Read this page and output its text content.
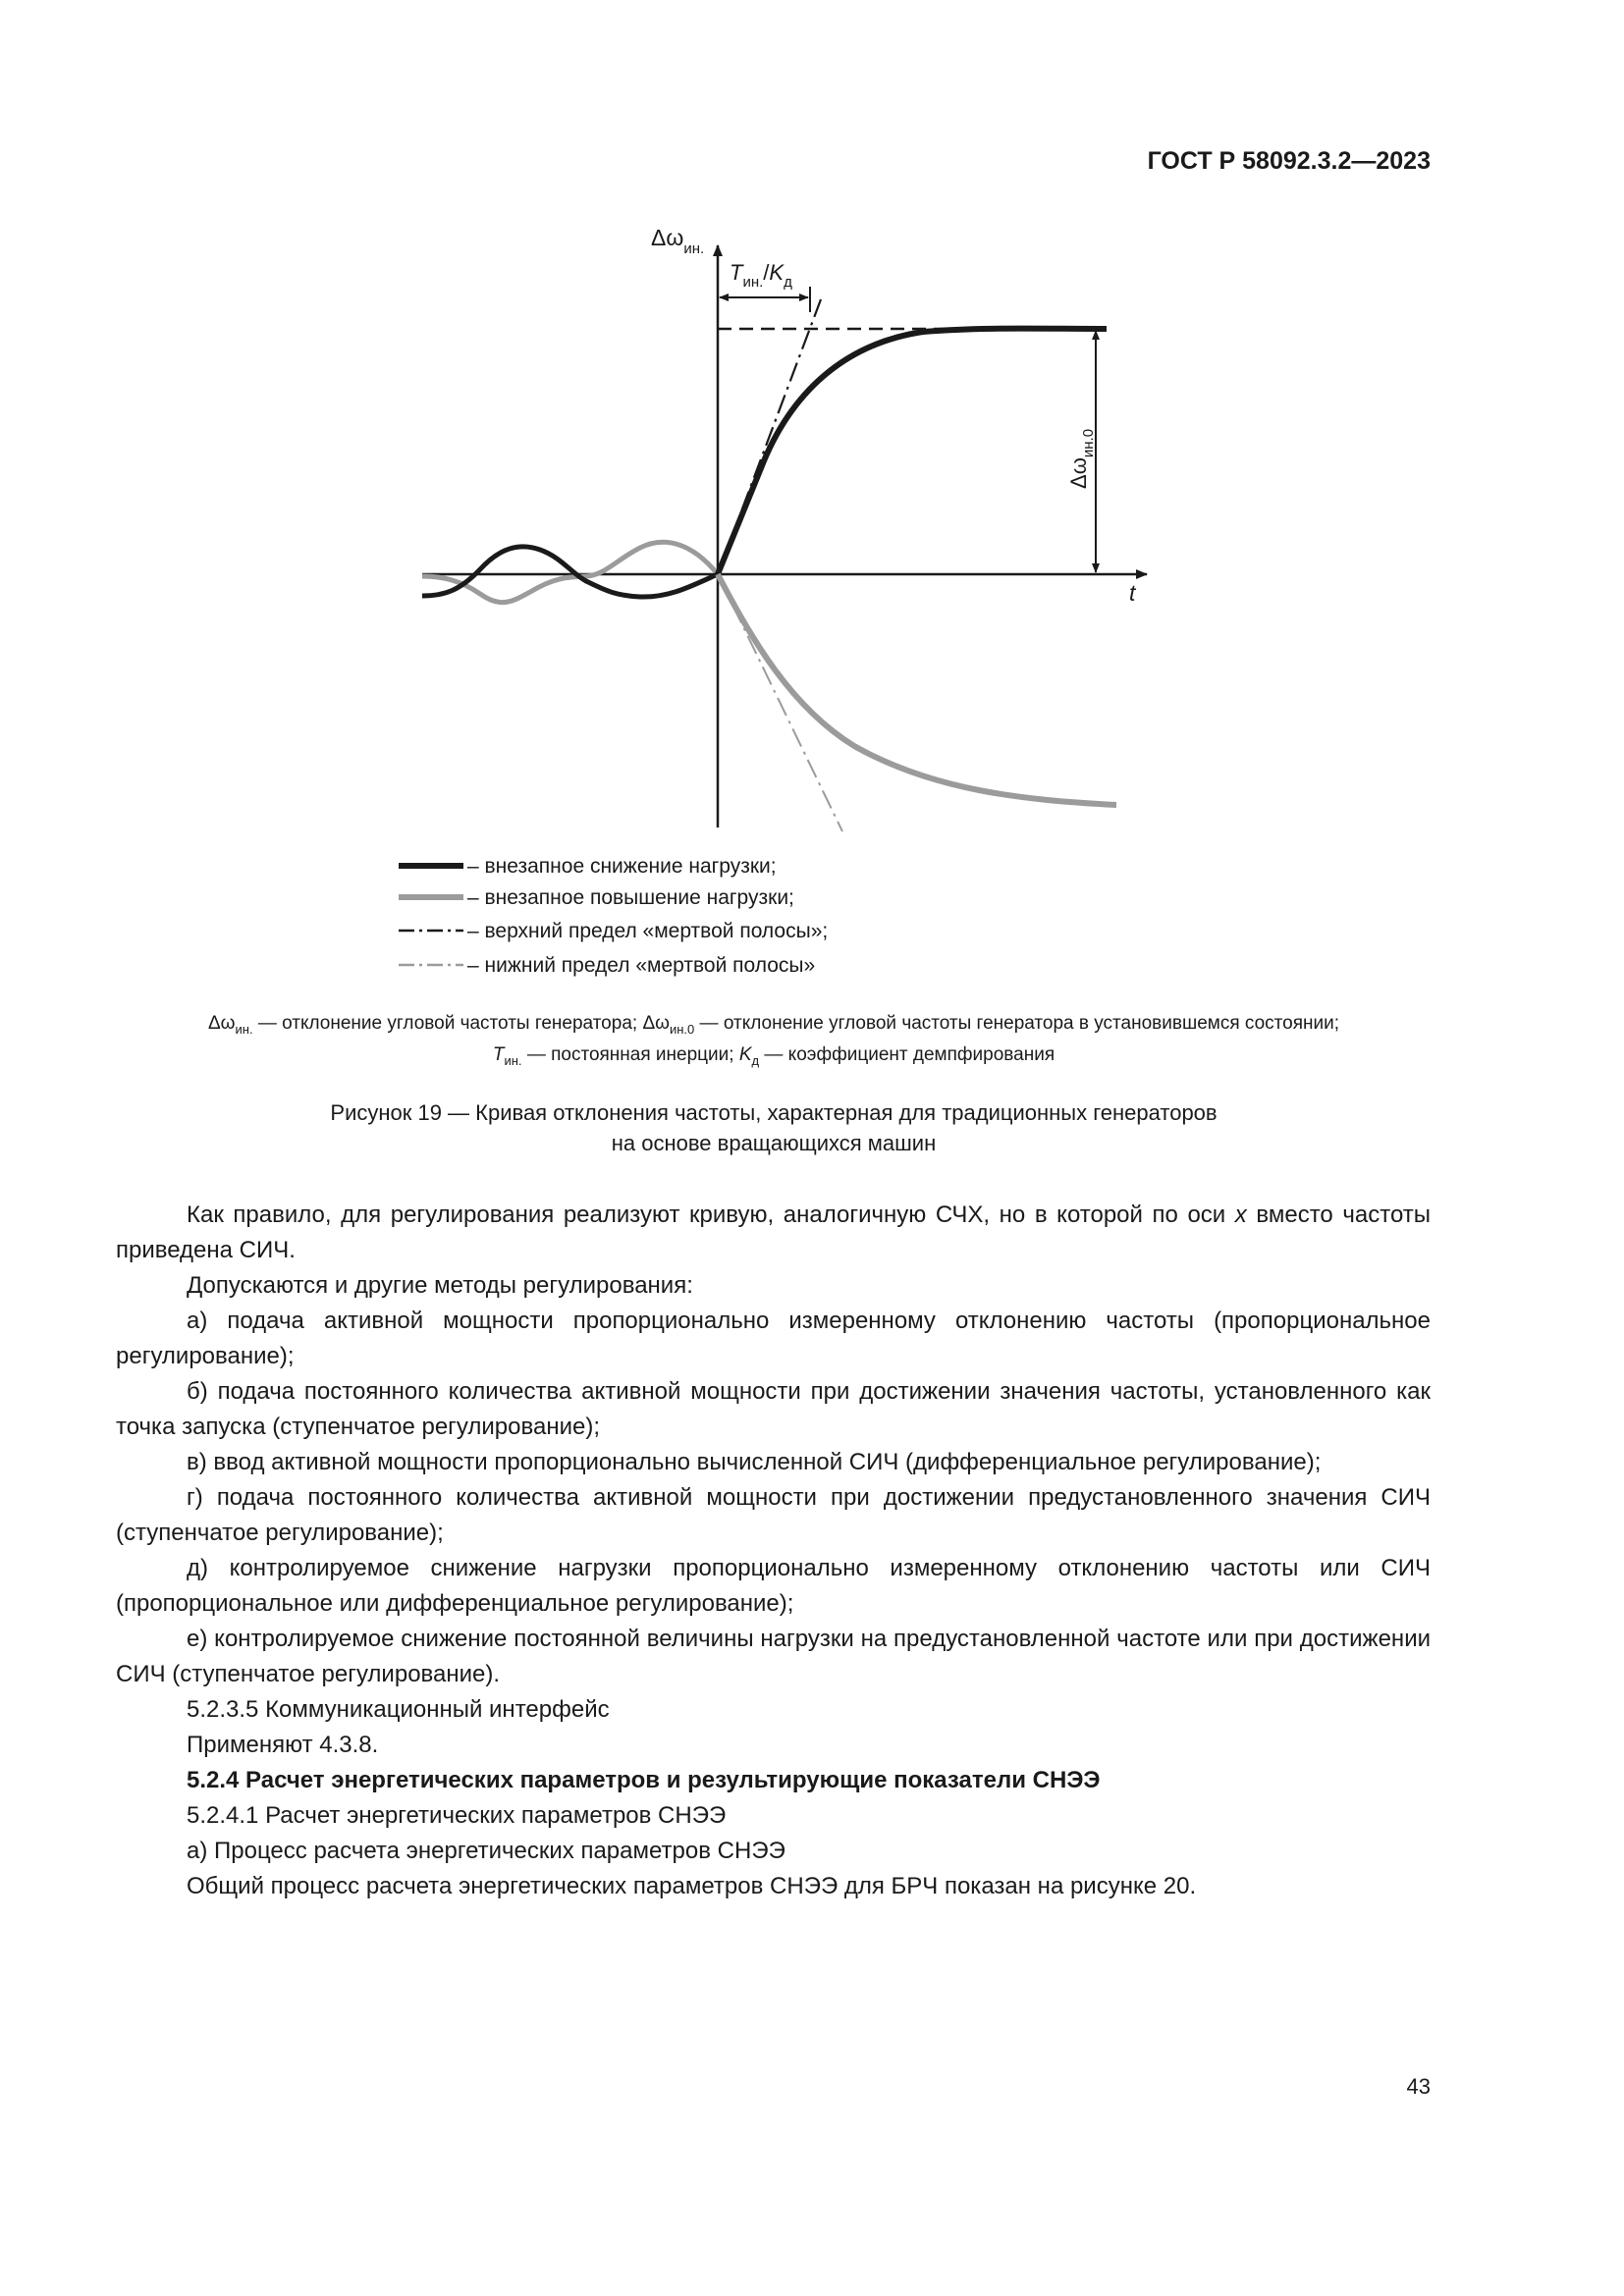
ГОСТ Р 58092.3.2—2023
$\Delta\omega_{ин.}$
t
$T_{ин.}/K_д$
$\Delta\omega_{ин.0}$
– внезапное снижение нагрузки;
– внезапное повышение нагрузки;
– верхний предел «мертвой полосы»;
– нижний предел «мертвой полосы»
$\Delta\omega_{ин.}$ — отклонение угловой частоты генератора; $\Delta\omega_{ин.0}$ — отклонение угловой частоты генератора в установившемся состоянии;
$T_{ин.}$ — постоянная инерции; $K_д$ — коэффициент демпфирования
Рисунок 19 — Кривая отклонения частоты, характерная для традиционных генераторов
на основе вращающихся машин

Как правило, для регулирования реализуют кривую, аналогичную СЧХ, но в которой по оси x вместо частоты приведена СИЧ.

Допускаются и другие методы регулирования:

а) подача активной мощности пропорционально измеренному отклонению частоты (пропорциональное регулирование);

б) подача постоянного количества активной мощности при достижении значения частоты, установленного как точка запуска (ступенчатое регулирование);

в) ввод активной мощности пропорционально вычисленной СИЧ (дифференциальное регулирование);

г) подача постоянного количества активной мощности при достижении предустановленного значения СИЧ (ступенчатое регулирование);

д) контролируемое снижение нагрузки пропорционально измеренному отклонению частоты или СИЧ (пропорциональное или дифференциальное регулирование);

е) контролируемое снижение постоянной величины нагрузки на предустановленной частоте или при достижении СИЧ (ступенчатое регулирование).

5.2.3.5 Коммуникационный интерфейс

Применяют 4.3.8.

5.2.4 Расчет энергетических параметров и результирующие показатели СНЭЭ

5.2.4.1 Расчет энергетических параметров СНЭЭ

а) Процесс расчета энергетических параметров СНЭЭ

Общий процесс расчета энергетических параметров СНЭЭ для БРЧ показан на рисунке 20.

43
